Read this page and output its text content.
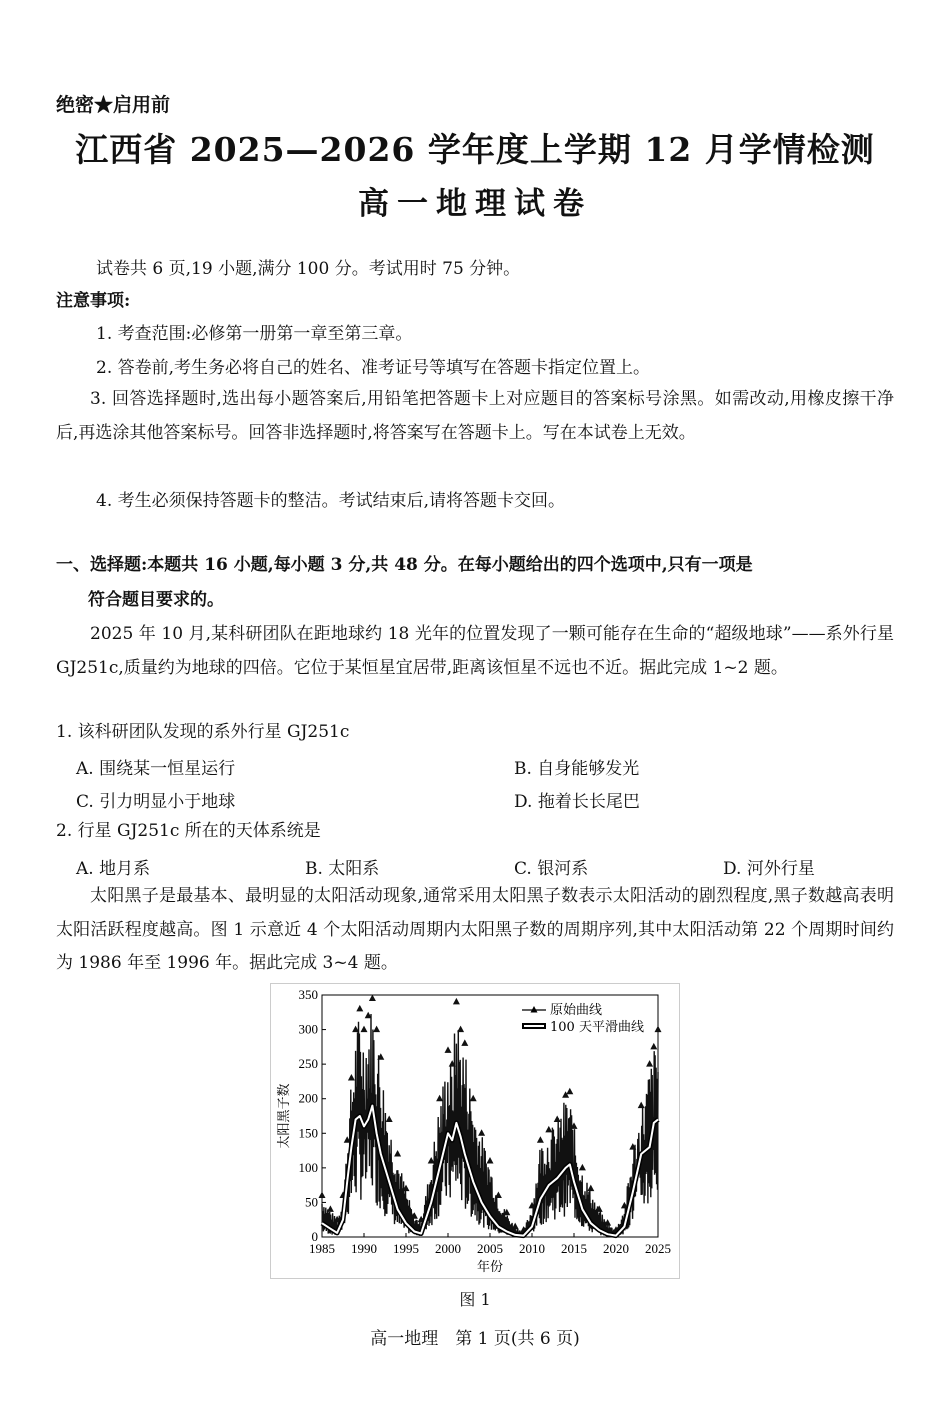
绝密★启用前
江西省 2025—2026 学年度上学期 12 月学情检测
高一地理试卷
试卷共 6 页,19 小题,满分 100 分。考试用时 75 分钟。
注意事项:
1. 考查范围:必修第一册第一章至第三章。
2. 答卷前,考生务必将自己的姓名、准考证号等填写在答题卡指定位置上。
3. 回答选择题时,选出每小题答案后,用铅笔把答题卡上对应题目的答案标号涂黑。如需改动,用橡皮擦干净后,再选涂其他答案标号。回答非选择题时,将答案写在答题卡上。写在本试卷上无效。
4. 考生必须保持答题卡的整洁。考试结束后,请将答题卡交回。
一、选择题:本题共 16 小题,每小题 3 分,共 48 分。在每小题给出的四个选项中,只有一项是
符合题目要求的。
2025 年 10 月,某科研团队在距地球约 18 光年的位置发现了一颗可能存在生命的“超级地球”——系外行星 GJ251c,质量约为地球的四倍。它位于某恒星宜居带,距离该恒星不远也不近。据此完成 1~2 题。
1. 该科研团队发现的系外行星 GJ251c
A. 围绕某一恒星运行	B. 自身能够发光
C. 引力明显小于地球	D. 拖着长长尾巴
2. 行星 GJ251c 所在的天体系统是
A. 地月系	B. 太阳系	C. 银河系	D. 河外行星
太阳黑子是最基本、最明显的太阳活动现象,通常采用太阳黑子数表示太阳活动的剧烈程度,黑子数越高表明太阳活跃程度越高。图 1 示意近 4 个太阳活动周期内太阳黑子数的周期序列,其中太阳活动第 22 个周期时间约为 1986 年至 1996 年。据此完成 3~4 题。
0
50
100
150
200
250
300
350
1985 1990 1995 2000 2005 2010 2015 2020 2025
年份
太阳黑子数
原始曲线
100 天平滑曲线
图 1
高一地理　第 1 页(共 6 页)
